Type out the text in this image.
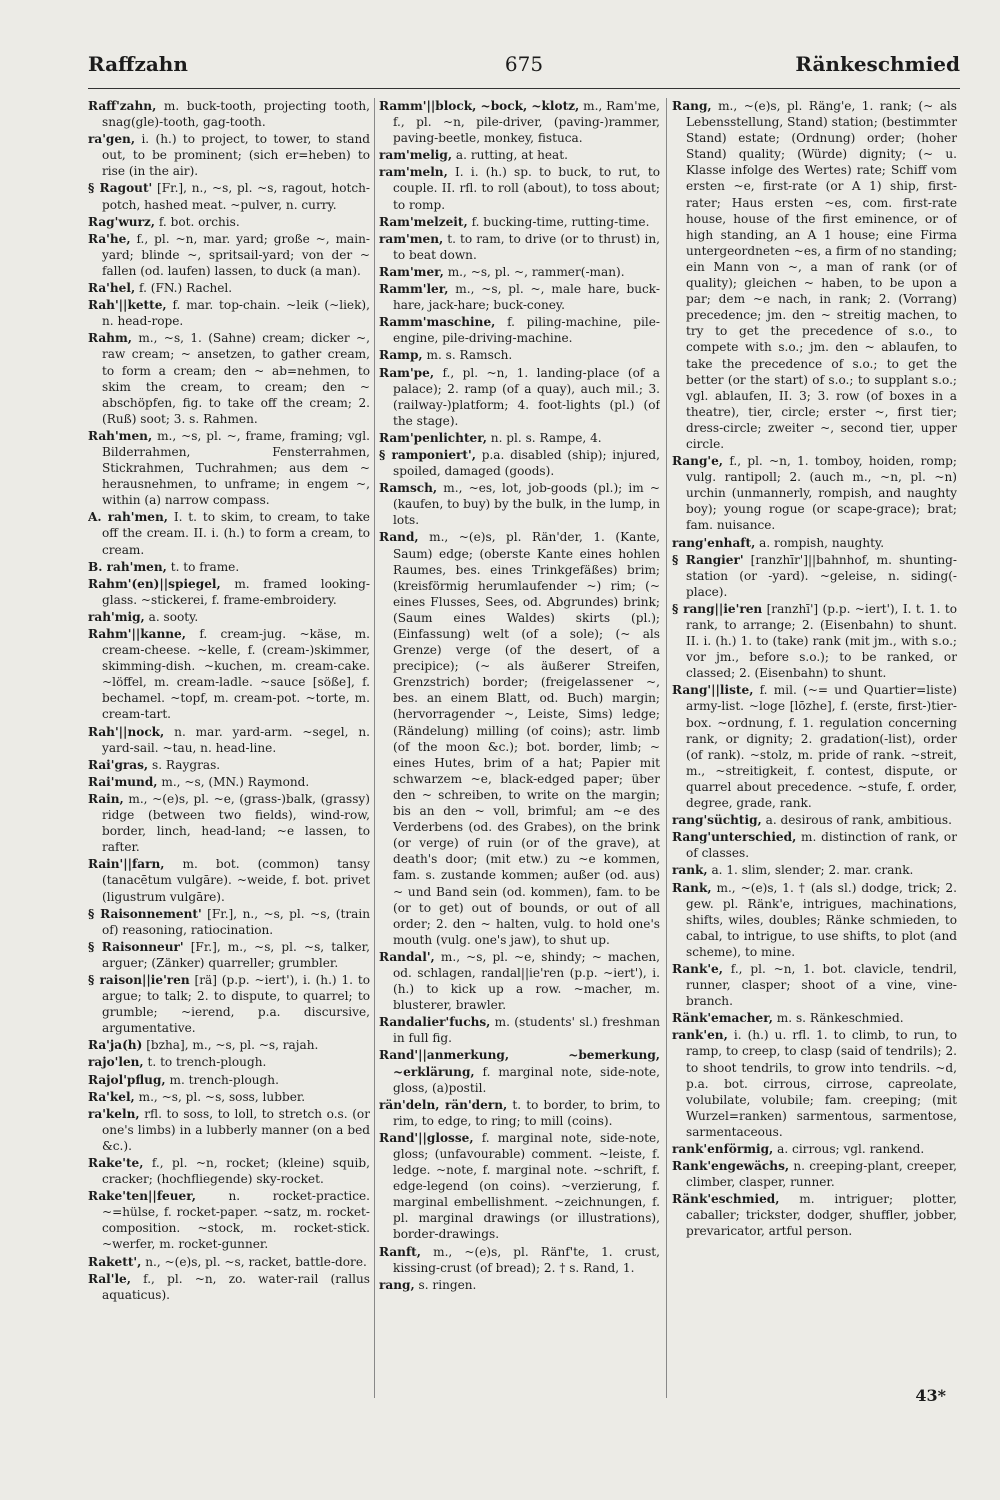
Raffzahn	675	Ränkeschmied

Raff'zahn, m. buck-tooth, projecting tooth, snag(gle)-tooth, gag-tooth.

ra'gen, i. (h.) to project, to tower, to stand out, to be prominent; (sich er=heben) to rise (in the air).

§ Ragout' [Fr.], n., ~s, pl. ~s, ragout, hotch-potch, hashed meat. ~pulver, n. curry.

Rag'wurz, f. bot. orchis.

Ra'he, f., pl. ~n, mar. yard; große ~, main-yard; blinde ~, spritsail-yard; von der ~ fallen (od. laufen) lassen, to duck (a man).

Ra'hel, f. (FN.) Rachel.

Rah'||kette, f. mar. top-chain. ~leik (~liek), n. head-rope.

Rahm, m., ~s, 1. (Sahne) cream; dicker ~, raw cream; ~ ansetzen, to gather cream, to form a cream; den ~ ab=nehmen, to skim the cream, to cream; den ~ abschöpfen, fig. to take off the cream; 2. (Ruß) soot; 3. s. Rahmen.

Rah'men, m., ~s, pl. ~, frame, framing; vgl. Bilderrahmen, Fensterrahmen, Stickrahmen, Tuchrahmen; aus dem ~ herausnehmen, to unframe; in engem ~, within (a) narrow compass.

A. rah'men, I. t. to skim, to cream, to take off the cream. II. i. (h.) to form a cream, to cream.

B. rah'men, t. to frame.

Rahm'(en)||spiegel, m. framed looking-glass. ~stickerei, f. frame-embroidery.

rah'mig, a. sooty.

Rahm'||kanne, f. cream-jug. ~käse, m. cream-cheese. ~kelle, f. (cream-)skimmer, skimming-dish. ~kuchen, m. cream-cake. ~löffel, m. cream-ladle. ~sauce [söße], f. bechamel. ~topf, m. cream-pot. ~torte, m. cream-tart.

Rah'||nock, n. mar. yard-arm. ~segel, n. yard-sail. ~tau, n. head-line.

Rai'gras, s. Raygras.

Rai'mund, m., ~s, (MN.) Raymond.

Rain, m., ~(e)s, pl. ~e, (grass-)balk, (grassy) ridge (between two fields), wind-row, border, linch, head-land; ~e lassen, to rafter.

Rain'||farn, m. bot. (common) tansy (tanacētum vulgāre). ~weide, f. bot. privet (ligustrum vulgāre).

§ Raisonnement' [Fr.], n., ~s, pl. ~s, (train of) reasoning, ratiocination.

§ Raisonneur' [Fr.], m., ~s, pl. ~s, talker, arguer; (Zänker) quarreller; grumbler.

§ raison||ie'ren [rä] (p.p. ~iert'), i. (h.) 1. to argue; to talk; 2. to dispute, to quarrel; to grumble; ~ierend, p.a. discursive, argumentative.

Ra'ja(h) [bzha], m., ~s, pl. ~s, rajah.

rajo'len, t. to trench-plough.

Rajol'pflug, m. trench-plough.

Ra'kel, m., ~s, pl. ~s, soss, lubber.

ra'keln, rfl. to soss, to loll, to stretch o.s. (or one's limbs) in a lubberly manner (on a bed &c.).

Rake'te, f., pl. ~n, rocket; (kleine) squib, cracker; (hochfliegende) sky-rocket.

Rake'ten||feuer,	n. rocket-practice. ~=hülse, f. rocket-paper. ~satz, m. rocket-composition. ~stock, m. rocket-stick. ~werfer, m. rocket-gunner.

Rakett', n., ~(e)s, pl. ~s, racket, battle-dore.

Ral'le, f., pl. ~n, zo. water-rail (rallus aquaticus).

Ramm'||block, ~bock, ~klotz, m., Ram'me, f., pl. ~n, pile-driver, (paving-)rammer, paving-beetle, monkey, fistuca.

ram'melig, a. rutting, at heat.

ram'meln, I. i. (h.) sp. to buck, to rut, to couple. II. rfl. to roll (about), to toss about; to romp.

Ram'melzeit, f. bucking-time, rutting-time.

ram'men, t. to ram, to drive (or to thrust) in, to beat down.

Ram'mer, m., ~s, pl. ~, rammer(-man).

Ramm'ler, m., ~s, pl. ~, male hare, buck-hare, jack-hare; buck-coney.

Ramm'maschine, f. piling-machine, pile-engine, pile-driving-machine.

Ramp, m. s. Ramsch.

Ram'pe, f., pl. ~n, 1. landing-place (of a palace); 2. ramp (of a quay), auch mil.; 3. (railway-)platform; 4. foot-lights (pl.) (of the stage).

Ram'penlichter, n. pl. s. Rampe, 4.

§ ramponiert', p.a. disabled (ship); injured, spoiled, damaged (goods).

Ramsch, m., ~es, lot, job-goods (pl.); im ~ (kaufen, to buy) by the bulk, in the lump, in lots.

Rand, m., ~(e)s, pl. Rän'der, 1. (Kante, Saum) edge; (oberste Kante eines hohlen Raumes, bes. eines Trinkgefäßes) brim; (kreisförmig herumlaufender ~) rim; (~ eines Flusses, Sees, od. Abgrundes) brink; (Saum eines Waldes) skirts (pl.); (Einfassung) welt (of a sole); (~ als Grenze) verge (of the desert, of a precipice); (~ als äußerer Streifen, Grenzstrich) border; (freigelassener ~, bes. an einem Blatt, od. Buch) margin; (hervorragender ~, Leiste, Sims) ledge; (Rändelung) milling (of coins); astr. limb (of the moon &c.); bot. border, limb; ~ eines Hutes, brim of a hat; Papier mit schwarzem ~e, black-edged paper; über den ~ schreiben, to write on the margin; bis an den ~ voll, brimful; am ~e des Verderbens (od. des Grabes), on the brink (or verge) of ruin (or of the grave), at death's door; (mit etw.) zu ~e kommen, fam. s. zustande kommen; außer (od. aus) ~ und Band sein (od. kommen), fam. to be (or to get) out of bounds, or out of all order; 2. den ~ halten, vulg. to hold one's mouth (vulg. one's jaw), to shut up.

Randal', m., ~s, pl. ~e, shindy; ~ machen, od. schlagen, randal||ie'ren (p.p. ~iert'), i. (h.) to kick up a row. ~macher, m. blusterer, brawler.

Randalier'fuchs, m. (students' sl.) freshman in full fig.

Rand'||anmerkung, ~bemerkung, ~erklärung, f. marginal note, side-note, gloss, (a)postil.

rän'deln, rän'dern, t. to border, to brim, to rim, to edge, to ring; to mill (coins).

Rand'||glosse, f. marginal note, side-note, gloss; (unfavourable) comment. ~leiste, f. ledge. ~note, f. marginal note. ~schrift, f. edge-legend (on coins). ~verzierung, f. marginal embellishment. ~zeichnungen, f. pl. marginal drawings (or illustrations), border-drawings.

Ranft, m., ~(e)s, pl. Ränf'te, 1. crust, kissing-crust (of bread); 2. † s. Rand, 1.

rang, s. ringen.

Rang, m., ~(e)s, pl. Räng'e, 1. rank; (~ als Lebensstellung, Stand) station; (bestimmter Stand) estate; (Ordnung) order; (hoher Stand) quality; (Würde) dignity; (~ u. Klasse infolge des Wertes) rate; Schiff vom ersten ~e, first-rate (or A 1) ship, first-rater; Haus ersten ~es, com. first-rate house, house of the first eminence, or of high standing, an A 1 house; eine Firma untergeordneten ~es, a firm of no standing; ein Mann von ~, a man of rank (or of quality); gleichen ~ haben, to be upon a par; dem ~e nach, in rank; 2. (Vorrang) precedence; jm. den ~ streitig machen, to try to get the precedence of s.o., to compete with s.o.; jm. den ~ ablaufen, to take the precedence of s.o.; to get the better (or the start) of s.o.; to supplant s.o.; vgl. ablaufen, II. 3; 3. row (of boxes in a theatre), tier, circle; erster ~, first tier; dress-circle; zweiter ~, second tier, upper circle.

Rang'e, f., pl. ~n, 1. tomboy, hoiden, romp; vulg. rantipoll; 2. (auch m., ~n, pl. ~n) urchin (unmannerly, rompish, and naughty boy); young rogue (or scape-grace); brat; fam. nuisance.

rang'enhaft, a. rompish, naughty.

§ Rangier' [ranzhīr']||bahnhof, m. shunting-station (or -yard). ~geleise, n. siding(-place).

§ rang||ie'ren [ranzhī'] (p.p. ~iert'), I. t. 1. to rank, to arrange; 2. (Eisenbahn) to shunt. II. i. (h.) 1. to (take) rank (mit jm., with s.o.; vor jm., before s.o.); to be ranked, or classed; 2. (Eisenbahn) to shunt.

Rang'||liste, f. mil. (~= und Quartier=liste) army-list. ~loge [lōzhe], f. (erste, first-)tier-box. ~ordnung, f. 1. regulation concerning rank, or dignity; 2. gradation(-list), order (of rank). ~stolz, m. pride of rank. ~streit, m., ~streitigkeit, f. contest, dispute, or quarrel about precedence. ~stufe, f. order, degree, grade, rank.

rang'süchtig, a. desirous of rank, ambitious.

Rang'unterschied, m. distinction of rank, or of classes.

rank, a. 1. slim, slender; 2. mar. crank.

Rank, m., ~(e)s, 1. † (als sl.) dodge, trick; 2. gew. pl. Ränk'e, intrigues, machinations, shifts, wiles, doubles; Ränke schmieden, to cabal, to intrigue, to use shifts, to plot (and scheme), to mine.

Rank'e, f., pl. ~n, 1. bot. clavicle, tendril, runner, clasper; shoot of a vine, vine-branch.

Ränk'emacher, m. s. Ränkeschmied.

rank'en, i. (h.) u. rfl. 1. to climb, to run, to ramp, to creep, to clasp (said of tendrils); 2. to shoot tendrils, to grow into tendrils. ~d, p.a. bot. cirrous, cirrose, capreolate, volubilate, volubile; fam. creeping; (mit Wurzel=ranken) sarmentous, sarmentose, sarmentaceous.

rank'enförmig, a. cirrous; vgl. rankend.

Rank'engewächs, n. creeping-plant, creeper, climber, clasper, runner.

Ränk'eschmied, m. intriguer; plotter, caballer; trickster, dodger, shuffler, jobber, prevaricator, artful person.

43*
